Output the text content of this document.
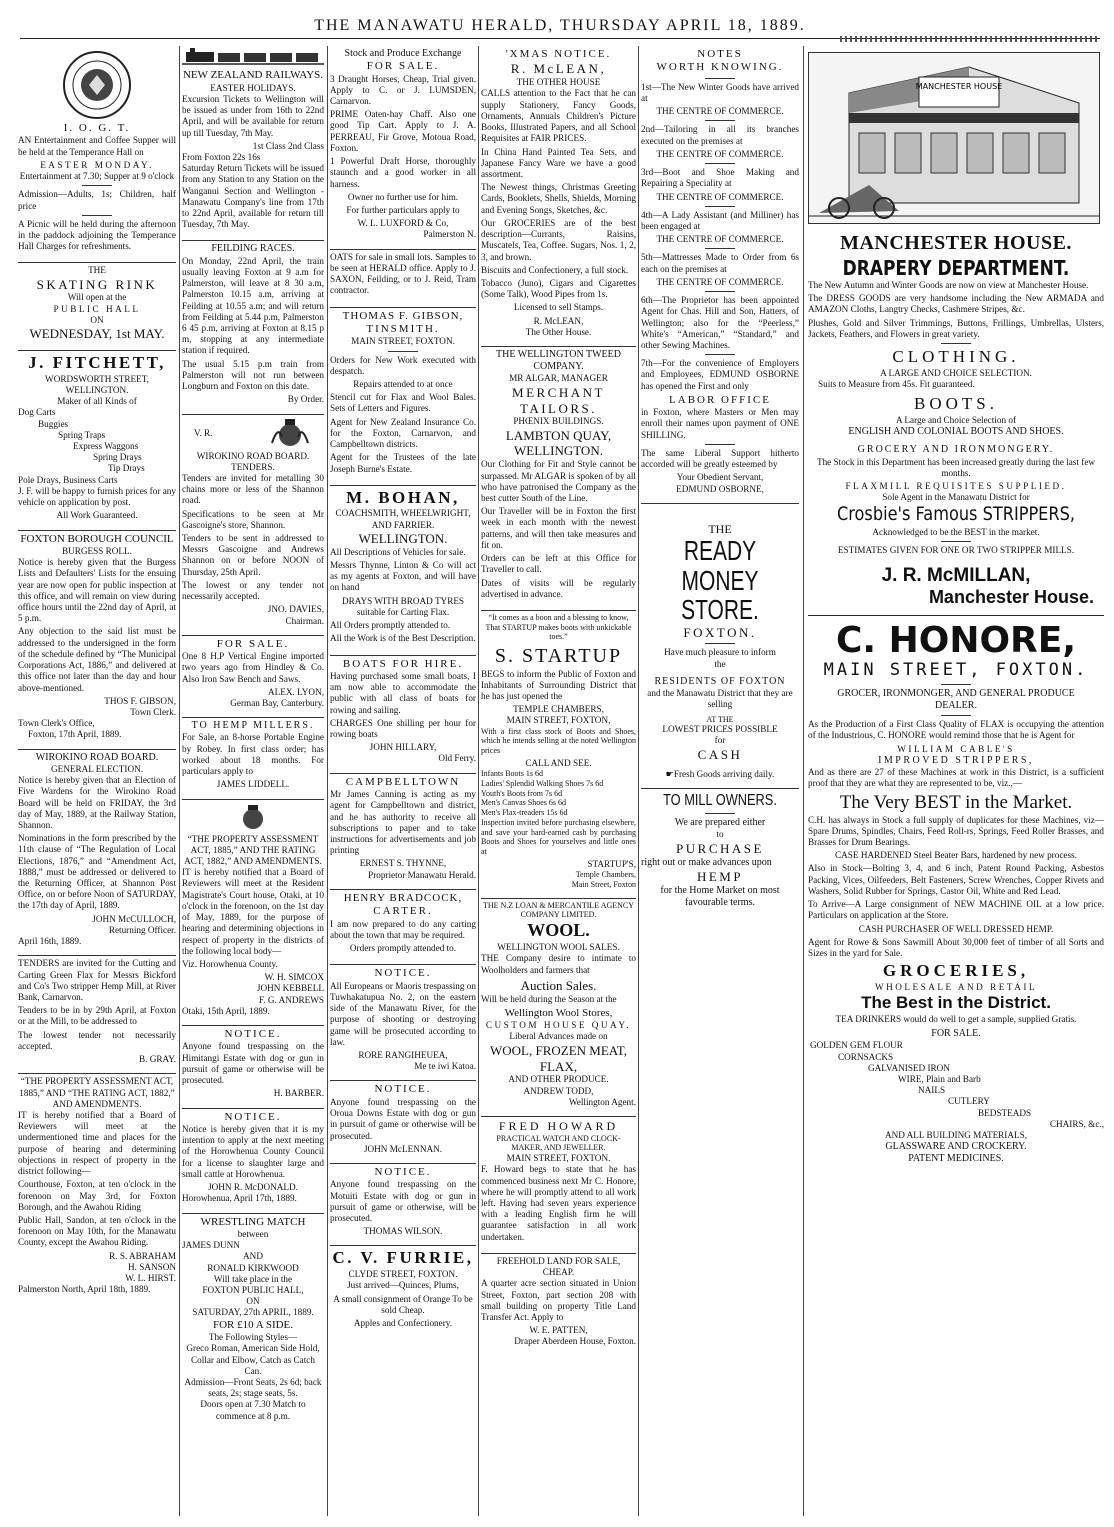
THE MANAWATU HERALD, THURSDAY APRIL 18, 1889.
I. O. G. T.

AN Entertainment and Coffee Supper will be held at the Temperance Hall on

EASTER MONDAY.

Entertainment at 7.30; Supper at 9 o'clock

Admission—Adults, 1s; Children, half price

A Picnic will be held during the afternoon in the paddock adjoining the Temperance Hall Charges for refreshments.

THE
SKATING RINK
Will open at the
PUBLIC HALL
ON
WEDNESDAY, 1st MAY.
J. FITCHETT,
WORDSWORTH STREET, WELLINGTON.
Maker of all Kinds of
Dog Carts
Buggies
Spring Traps
Express Waggons
Spring Drays
Tip Drays
Pole Drays, Business Carts

J. F. will be happy to furnish prices for any vehicle on application by post.

All Work Guaranteed.
FOXTON BOROUGH COUNCIL
BURGESS ROLL.

Notice is hereby given that the Burgess Lists and Defaulters' Lists for the ensuing year are now open for public inspection at this office, and will remain on view during office hours until the 22nd day of April, at 5 p.m.

Any objection to the said list must be addressed to the undersigned in the form of the schedule defined by “The Municipal Corporations Act, 1886,” and delivered at this office not later than the day and hour above-mentioned.

THOS F. GIBSON,
Town Clerk.
Town Clerk's Office,
Foxton, 17th April, 1889.
WIROKINO ROAD BOARD.
GENERAL ELECTION.

Notice is hereby given that an Election of Five Wardens for the Wirokino Road Board will be held on FRIDAY, the 3rd day of May, 1889, at the Railway Station, Shannon.

Nominations in the form prescribed by the 11th clause of “The Regulation of Local Elections, 1876,” and “Amendment Act, 1888,” must be addressed or delivered to the Returning Officer, at Shannon Post Office, on or before Noon of SATURDAY, the 17th day of April, 1889.

JOHN McCULLOCH,
Returning Officer.
April 16th, 1889.

TENDERS are invited for the Cutting and Carting Green Flax for Messrs Bickford and Co's Two stripper Hemp Mill, at River Bank, Carnarvon.

Tenders to be in by 29th April, at Foxton or at the Mill, to be addressed to

The lowest tender not necessarily accepted.

B. GRAY.
“THE PROPERTY ASSESSMENT ACT, 1885,” AND “THE RATING ACT, 1882,” AND AMENDMENTS.

IT is hereby notified that a Board of Reviewers will meet at the undermentioned time and places for the purpose of hearing and determining objections in respect of property in the district following—

Courthouse, Foxton, at ten o'clock in the forenoon on May 3rd, for Foxton Borough, and the Awahou Riding

Public Hall, Sandon, at ten o'clock in the forenoon on May 10th, for the Manawatu County, except the Awahou Riding.

R. S. ABRAHAM
H. SANSON
W. L. HIRST.
Palmerston North, April 18th, 1889.
NEW ZEALAND RAILWAYS.
EASTER HOLIDAYS.

Excursion Tickets to Wellington will be issued as under from 16th to 22nd April, and will be available for return up till Tuesday, 7th May.

1st Class 2nd Class
From Foxton 22s 16s

Saturday Return Tickets will be issued from any Station to any Station on the Wanganui Section and Wellington - Manawatu Company's line from 17th to 22nd April, available for return till Tuesday, 7th May.

FEILDING RACES.

On Monday, 22nd April, the train usually leaving Foxton at 9 a.m for Palmerston, will leave at 8 30 a.m, Palmerston 10.15 a.m, arriving at Feilding at 10.55 a.m; and will return from Feilding at 5.44 p.m, Palmerston 6 45 p.m, arriving at Foxton at 8.15 p m, stopping at any intermediate station if required.

The usual 5.15 p.m train from Palmerston will not run between Longburn and Foxton on this date.

By Order.
V. R.
WIROKINO ROAD BOARD.
TENDERS.

Tenders are invited for metalling 30 chains more or less of the Shannon road.

Specifications to be seen at Mr Gascoigne's store, Shannon.

Tenders to be sent in addressed to Messrs Gascoigne and Andrews Shannon on or before NOON of Thursday, 25th April.

The lowest or any tender not necessarily accepted.

JNO. DAVIES,
Chairman.
FOR SALE.

One 8 H.P Vertical Engine imported two years ago from Hindley & Co. Also Iron Saw Bench and Saws.

ALEX. LYON,
German Bay, Canterbury.
TO HEMP MILLERS.

For Sale, an 8-horse Portable Engine by Robey. In first class order; has worked about 18 months. For particulars apply to

JAMES LIDDELL.
“THE PROPERTY ASSESSMENT ACT, 1885,” AND THE RATING ACT, 1882,” AND AMENDMENTS.

IT is hereby notified that a Board of Reviewers will meet at the Resident Magistrate's Court house, Otaki, at 10 o'clock in the forenoon, on the 1st day of May, 1889, for the purpose of hearing and determining objections in respect of property in the districts of the following local body—

Viz. Horowhenua County.

W. H. SIMCOX
JOHN KEBBELL
F. G. ANDREWS
Otaki, 15th April, 1889.
NOTICE.

Anyone found trespassing on the Himitangi Estate with dog or gun in pursuit of game or otherwise will be prosecuted.

H. BARBER.
NOTICE.

Notice is hereby given that it is my intention to apply at the next meeting of the Horowhenua County Council for a license to slaughter large and small cattle at Horowhenua.

JOHN R. McDONALD.
Horowhenua, April 17th, 1889.
WRESTLING MATCH
between
JAMES DUNN
AND
RONALD KIRKWOOD
Will take place in the
FOXTON PUBLIC HALL,
ON
SATURDAY, 27th APRIL, 1889.
FOR £10 A SIDE.
The Following Styles—
Greco Roman, American Side Hold, Collar and Elbow, Catch as Catch Can.
Admission—Front Seats, 2s 6d; back seats, 2s; stage seats, 5s.
Doors open at 7.30 Match to commence at 8 p.m.
Stock and Produce Exchange
FOR SALE.

3 Draught Horses, Cheap, Trial given. Apply to C. or J. LUMSDEN, Carnarvon.

PRIME Oaten-hay Chaff. Also one good Tip Cart. Apply to J. A. PERREAU, Fir Grove, Motoua Road, Foxton.

1 Powerful Draft Horse, thoroughly staunch and a good worker in all harness.

Owner no further use for him.

For further particulars apply to

W. L. LUXFORD & Co,
Palmerston N.

OATS for sale in small lots. Samples to be seen at HERALD office. Apply to J. SAXON, Feilding, or to J. Reid, Tram contractor.

THOMAS F. GIBSON,
TINSMITH.
MAIN STREET, FOXTON.

Orders for New Work executed with despatch.

Repairs attended to at once

Stencil cut for Flax and Wool Bales. Sets of Letters and Figures.

Agent for New Zealand Insurance Co. for the Foxton, Carnarvon, and Campbelltown districts.

Agent for the Trustees of the late Joseph Burne's Estate.

M. BOHAN,
COACHSMITH, WHEELWRIGHT, AND FARRIER.
WELLINGTON.

All Descriptions of Vehicles for sale.

Messrs Thynne, Linton & Co will act as my agents at Foxton, and will have on hand

DRAYS WITH BROAD TYRES suitable for Carting Flax.

All Orders promptly attended to.

All the Work is of the Best Description.

BOATS FOR HIRE.

Having purchased some small boats, I am now able to accommodate the public with all class of boats for rowing and sailing.

CHARGES One shilling per hour for rowing boats

JOHN HILLARY,
Old Ferry.
CAMPBELLTOWN

Mr James Canning is acting as my agent for Campbelltown and district, and he has authority to receive all subscriptions to paper and to take instructions for advertisements and job printing

ERNEST S. THYNNE,
Proprietor Manawatu Herald.
HENRY BRADCOCK,
CARTER.

I am now prepared to do any carting about the town that may be required.

Orders promptly attended to.

NOTICE.

All Europeans or Maoris trespassing on Tuwhakatupua No. 2, on the eastern side of the Manawatu River, for the purpose of shooting or destroying game will be prosecuted according to law.

RORE RANGIHEUEA,
Me te iwi Katoa.
NOTICE.

Anyone found trespassing on the Oroua Downs Estate with dog or gun in pursuit of game or otherwise will be prosecuted.

JOHN McLENNAN.
NOTICE.

Anyone found trespassing on the Motuiti Estate with dog or gun in pursuit of game or otherwise, will be prosecuted.

THOMAS WILSON.
C. V. FURRIE,
CLYDE STREET, FOXTON.

Just arrived—Quinces, Plums,

A small consignment of Orange To be sold Cheap.

Apples and Confectionery.

'XMAS NOTICE.
R. McLEAN,
THE OTHER HOUSE

CALLS attention to the Fact that he can supply Stationery, Fancy Goods, Ornaments, Annuals Children's Picture Books, Illustrated Papers, and all School Requisites at FAIR PRICES.

In China Hand Painted Tea Sets, and Japanese Fancy Ware we have a good assortment.

The Newest things, Christmas Greeting Cards, Booklets, Shells, Shields, Morning and Evening Songs, Sketches, &c.

Our GROCERIES are of the best description—Currants, Raisins, Muscatels, Tea, Coffee. Sugars, Nos. 1, 2, 3, and brown.

Biscuits and Confectionery, a full stock.

Tobacco (Juno), Cigars and Cigarettes (Some Talk), Wood Pipes from 1s.

Licensed to sell Stamps.

R. McLEAN,
The Other House.
THE WELLINGTON TWEED COMPANY.
MR ALGAR, MANAGER
MERCHANT TAILORS.
PHŒNIX BUILDINGS.
LAMBTON QUAY, WELLINGTON.

Our Clothing for Fit and Style cannot be surpassed. Mr ALGAR is spoken of by all who have patronised the Company as the best cutter South of the Line.

Our Traveller will be in Foxton the first week in each month with the newest patterns, and will then take measures and fit on.

Orders can be left at this Office for Traveller to call.

Dates of visits will be regularly advertised in advance.

“It comes as a boon and a blessing to know, That STARTUP makes boots with unkickable toes.”

S. STARTUP

BEGS to inform the Public of Foxton and Inhabitants of Surrounding District that he has just opened the

TEMPLE CHAMBERS,
MAIN STREET, FOXTON,

With a first class stock of Boots and Shoes, which he intends selling at the noted Wellington prices

CALL AND SEE.
Infants Boots 1s 6d
Ladies' Splendid Walking Shoes 7s 6d
Youth's Boots from 7s 6d
Men's Canvas Shoes 6s 6d
Men's Flax-treaders 15s 6d

Inspection invited before purchasing elsewhere, and save your hard-earned cash by purchasing Boots and Shoes for yourselves and little ones at

STARTUP'S,
Temple Chambers,
Main Street, Foxton
THE N.Z LOAN & MERCANTILE AGENCY COMPANY LIMITED.
WOOL.
WELLINGTON WOOL SALES.

THE Company desire to intimate to Woolholders and farmers that

Auction Sales.

Will be held during the Season at the

Wellington Wool Stores,
CUSTOM HOUSE QUAY.
Liberal Advances made on
WOOL, FROZEN MEAT, FLAX,
AND OTHER PRODUCE.
ANDREW TODD,
Wellington Agent.
FRED HOWARD
PRACTICAL WATCH AND CLOCK-MAKER, AND JEWELLER.
MAIN STREET, FOXTON.

F. Howard begs to state that he has commenced business next Mr C. Honore, where he will promptly attend to all work left. Having had seven years experience with a leading English firm he will guarantee satisfaction in all work undertaken.

FREEHOLD LAND FOR SALE, CHEAP.

A quarter acre section situated in Union Street, Foxton, part section 208 with small building on property Title Land Transfer Act. Apply to

W. E. PATTEN,
Draper Aberdeen House, Foxton.
NOTES
WORTH KNOWING.

1st—The New Winter Goods have arrived at

THE CENTRE OF COMMERCE.

2nd—Tailoring in all its branches executed on the premises at

THE CENTRE OF COMMERCE.

3rd—Boot and Shoe Making and Repairing a Speciality at

THE CENTRE OF COMMERCE.

4th—A Lady Assistant (and Milliner) has been engaged at

THE CENTRE OF COMMERCE.

5th—Mattresses Made to Order from 6s each on the premises at

THE CENTRE OF COMMERCE.

6th—The Proprietor has been appointed Agent for Chas. Hill and Son, Hatters, of Wellington; also for the “Peerless,” White's “American,” “Standard,” and other Sewing Machines.

7th—For the convenience of Employers and Employees, EDMUND OSBORNE has opened the First and only

LABOR OFFICE

in Foxton, where Masters or Men may enroll their names upon payment of ONE SHILLING.

The same Liberal Support hitherto accorded will be greatly esteemed by

Your Obedient Servant,
EDMUND OSBORNE,
THE
READY MONEY STORE.
FOXTON.
Have much pleasure to inform
the
RESIDENTS OF FOXTON
and the Manawatu District that they are selling
AT THE
LOWEST PRICES POSSIBLE
for
CASH
☛Fresh Goods arriving daily.
TO MILL OWNERS.
We are prepared either
to
PURCHASE
right out or make advances upon
HEMP
for the Home Market on most favourable terms.
MANCHESTER HOUSE
MANCHESTER HOUSE.
DRAPERY DEPARTMENT.

The New Autumn and Winter Goods are now on view at Manchester House.

The DRESS GOODS are very handsome including the New ARMADA and AMAZON Cloths, Langtry Checks, Cashmere Stripes, &c.

Plushes, Gold and Silver Trimmings, Buttons, Frillings, Umbrellas, Ulsters, Jackets, Feathers, and Flowers in great variety.

CLOTHING.
A LARGE AND CHOICE SELECTION.
Suits to Measure from 45s. Fit guaranteed.
BOOTS.
A Large and Choice Selection of
ENGLISH AND COLONIAL BOOTS AND SHOES.
GROCERY AND IRONMONGERY.

The Stock in this Department has been increased greatly during the last few months.

FLAXMILL REQUISITES SUPPLIED.
Sole Agent in the Manawatu District for
Crosbie's Famous STRIPPERS,
Acknowledged to be the BEST in the market.
ESTIMATES GIVEN FOR ONE OR TWO STRIPPER MILLS.
J. R. McMILLAN,
Manchester House.
C. HONORE,
MAIN STREET, FOXTON.
GROCER, IRONMONGER, AND GENERAL PRODUCE DEALER.

As the Production of a First Class Quality of FLAX is occupying the attention of the Industrious, C. HONORE would remind those that he is Agent for

WILLIAM CABLE'S
IMPROVED STRIPPERS,

And as there are 27 of these Machines at work in this District, is a sufficient proof that they are what they are represented to be, viz.,—

The Very BEST in the Market.

C.H. has always in Stock a full supply of duplicates for these Machines, viz—Spare Drums, Spindles, Chairs, Feed Roll-rs, Springs, Feed Roller Brasses, and Brasses for Drum Bearings.

CASE HARDENED Steel Beater Bars, hardened by new process.

Also in Stock—Bolting 3, 4, and 6 inch, Patent Round Packing, Asbestos Packing, Vices, Oilfeeders, Belt Fasteners, Screw Wrenches, Copper Rivets and Washers, Solid Rubber for Springs, Castor Oil, White and Red Lead.

To Arrive—A Large consignment of NEW MACHINE OIL at a low price. Particulars on application at the Store.

CASH PURCHASER OF WELL DRESSED HEMP.

Agent for Rowe & Sons Sawmill About 30,000 feet of timber of all Sorts and Sizes in the yard for Sale.

GROCERIES,
WHOLESALE AND RETAIL
The Best in the District.
TEA DRINKERS would do well to get a sample, supplied Gratis.
FOR SALE.
GOLDEN GEM FLOUR
CORNSACKS
GALVANISED IRON
WIRE, Plain and Barb
NAILS
CUTLERY
BEDSTEADS
CHAIRS, &c.,
AND ALL BUILDING MATERIALS,
GLASSWARE AND CROCKERY.
PATENT MEDICINES.
